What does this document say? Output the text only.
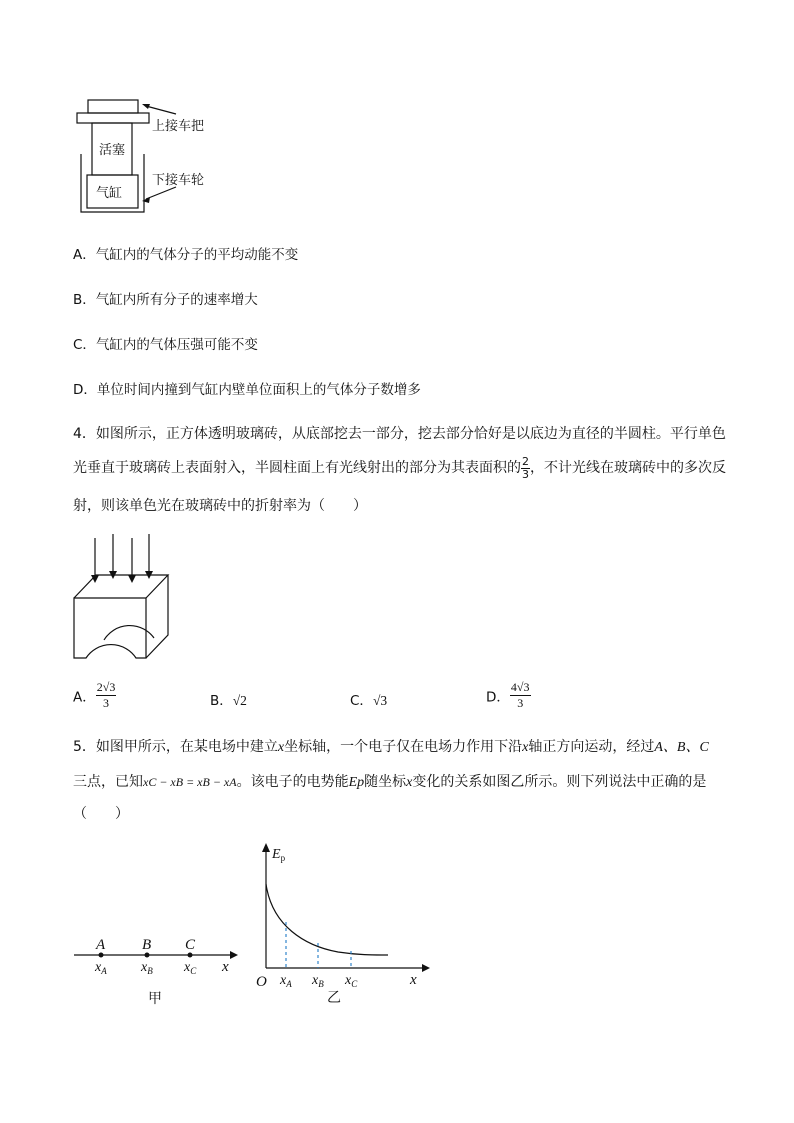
活塞
气缸
上接车把
下接车轮
A．气缸内的气体分子的平均动能不变
B．气缸内所有分子的速率增大
C．气缸内的气体压强可能不变
D．单位时间内撞到气缸内壁单位面积上的气体分子数增多
4．如图所示，正方体透明玻璃砖，从底部挖去一部分，挖去部分恰好是以底边为直径的半圆柱。平行单色
光垂直于玻璃砖上表面射入，半圆柱面上有光线射出的部分为其表面积的 $\frac{2}{3}$ ，不计光线在玻璃砖中的多次反
射，则该单色光在玻璃砖中的折射率为（　　）
A． $\frac{2√3}{3}$	B．√2	C．√3	D． $\frac{4√3}{3}$
5．如图甲所示，在某电场中建立x坐标轴，一个电子仅在电场力作用下沿x轴正方向运动，经过A、B、C
三点，已知xC − xB = xB − xA。该电子的电势能Ep随坐标x变化的关系如图乙所示。则下列说法中正确的是
（　　）
A B C
$x_A$ $x_B$ $x_C$ x
甲
$E_p$
O $x_A$ $x_B$ $x_C$	x
乙
